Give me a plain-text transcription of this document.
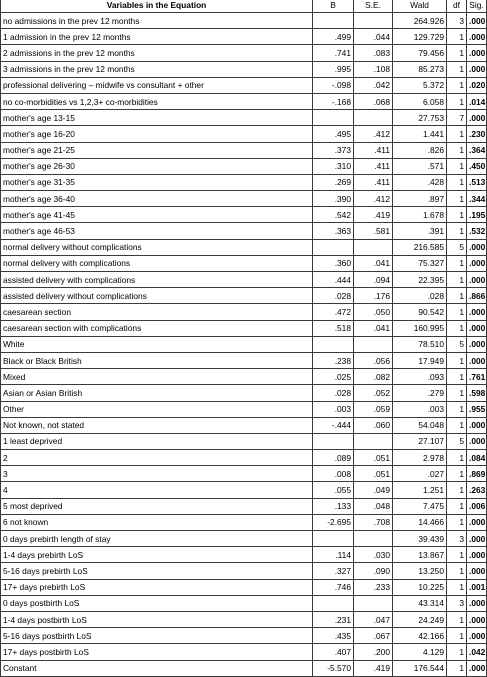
Variables in the Equation	B	S.E.	Wald	df	Sig.
no admissions in the prev 12 months			264.926	3	.000
1 admission in the prev 12 months	.499	.044	129.729	1	.000
2 admissions in the prev 12 months	.741	.083	79.456	1	.000
3 admissions in the prev 12 months	.995	.108	85.273	1	.000
professional delivering – midwife vs consultant + other	-.098	.042	5.372	1	.020
no co-morbidities vs 1,2,3+ co-morbidities	-.168	.068	6.058	1	.014
mother's age 13-15			27.753	7	.000
mother's age 16-20	.495	.412	1.441	1	.230
mother's age 21-25	.373	.411	.826	1	.364
mother's age 26-30	.310	.411	.571	1	.450
mother's age 31-35	.269	.411	.428	1	.513
mother's age 36-40	.390	.412	.897	1	.344
mother's age 41-45	.542	.419	1.678	1	.195
mother's age 46-53	.363	.581	.391	1	.532
normal delivery without complications			216.585	5	.000
normal delivery with complications	.360	.041	75.327	1	.000
assisted delivery with complications	.444	.094	22.395	1	.000
assisted delivery without complications	.028	.176	.028	1	.866
caesarean section	.472	.050	90.542	1	.000
caesarean section with complications	.518	.041	160.995	1	.000
White			78.510	5	.000
Black or Black British	.238	.056	17.949	1	.000
Mixed	.025	.082	.093	1	.761
Asian or Asian British	.028	.052	.279	1	.598
Other	.003	.059	.003	1	.955
Not known, not stated	-.444	.060	54.048	1	.000
1 least deprived			27.107	5	.000
2	.089	.051	2.978	1	.084
3	.008	.051	.027	1	.869
4	.055	.049	1.251	1	.263
5 most deprived	.133	.048	7.475	1	.006
6 not known	-2.695	.708	14.466	1	.000
0 days prebirth length of stay			39.439	3	.000
1-4 days prebirth LoS	.114	.030	13.867	1	.000
5-16 days prebirth LoS	.327	.090	13.250	1	.000
17+ days prebirth LoS	.746	.233	10.225	1	.001
0 days postbirth LoS			43.314	3	.000
1-4 days postbirth LoS	.231	.047	24.249	1	.000
5-16 days postbirth LoS	.435	.067	42.166	1	.000
17+ days postbirth LoS	.407	.200	4.129	1	.042
Constant	-5.570	.419	176.544	1	.000
